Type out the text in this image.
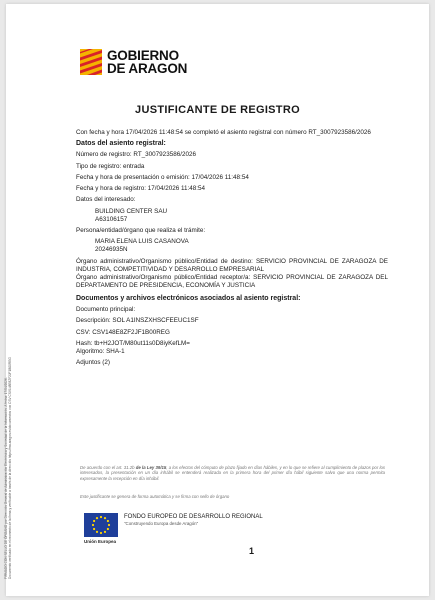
FIRMADO CON SELLO DE ÓRGANO por Dirección General de Administración Electrónica y Sociedad de la Información. A fecha: 17/04/2026. Documento verificado en el momento de la firma y verificable a través de la dirección https://ma.aragon.es/documentos con CSV CSV148E8ZF2JF1B00REG
GOBIERNO
DE ARAGON
JUSTIFICANTE DE REGISTRO
Con fecha y hora 17/04/2026 11:48:54 se completó el asiento registral con número RT_3007923586/2026
Datos del asiento registral:
Número de registro: RT_3007923586/2026
Tipo de registro: entrada
Fecha y hora de presentación o emisión: 17/04/2026 11:48:54
Fecha y hora de registro: 17/04/2026 11:48:54
Datos del interesado:
BUILDING CENTER SAU
A63106157
Persona/entidad/órgano que realiza el trámite:
MARIA ELENA LUIS CASANOVA
20246935N
Órgano administrativo/Organismo público/Entidad de destino: SERVICIO PROVINCIAL DE ZARAGOZA DE INDUSTRIA, COMPETITIVIDAD Y DESARROLLO EMPRESARIAL
Órgano administrativo/Organismo público/Entidad receptor/a: SERVICIO PROVINCIAL DE ZARAGOZA DEL DEPARTAMENTO DE PRESIDENCIA, ECONOMÍA Y JUSTICIA
Documentos y archivos electrónicos asociados al asiento registral:
Documento principal:
Descripción: SOL A1INSZXHSCFEEUC1SF
CSV: CSV148E8ZF2JF1B00REG
Hash: tb+H2JOT/M80ut11s0D8iyKefLM=
Algoritmo: SHA-1
Adjuntos (2)
De acuerdo con el art. 31.2b de la Ley 39/15, a los efectos del cómputo de plazo fijado en días hábiles, y en lo que se refiere al cumplimiento de plazos por los interesados, la presentación en un día inhábil se entenderá realizada en la primera hora del primer día hábil siguiente salvo que una norma permita expresamente la recepción en día inhábil.
Este justificante se genera de forma automática y se firma con sello de órgano
Unión Europea
FONDO EUROPEO DE DESARROLLO REGIONAL
"Construyendo Europa desde Aragón"
1
